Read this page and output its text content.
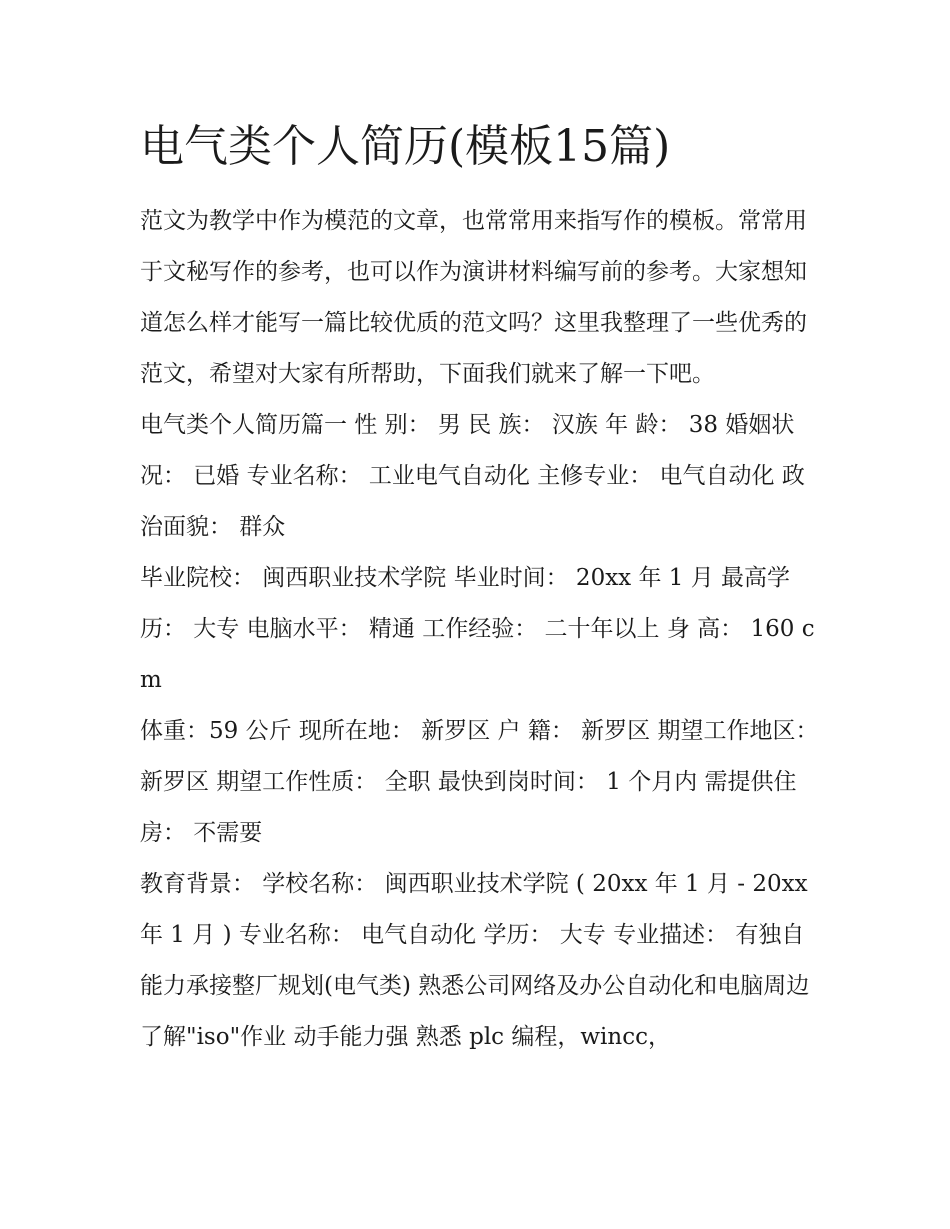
电气类个人简历(模板15篇)

范文为教学中作为模范的文章，也常常用来指写作的模板。常常用于文秘写作的参考，也可以作为演讲材料编写前的参考。大家想知道怎么样才能写一篇比较优质的范文吗？这里我整理了一些优秀的范文，希望对大家有所帮助，下面我们就来了解一下吧。

电气类个人简历篇一 性 别： 男 民 族： 汉族 年 龄： 38 婚姻状况： 已婚 专业名称： 工业电气自动化 主修专业： 电气自动化 政治面貌： 群众

毕业院校： 闽西职业技术学院 毕业时间： 20xx 年 1 月 最高学历： 大专 电脑水平： 精通 工作经验： 二十年以上 身 高： 160 cm

体重：59 公斤 现所在地： 新罗区 户 籍： 新罗区 期望工作地区： 新罗区 期望工作性质： 全职 最快到岗时间： 1 个月内 需提供住房： 不需要

教育背景： 学校名称： 闽西职业技术学院 ( 20xx 年 1 月 - 20xx 年 1 月 ) 专业名称： 电气自动化 学历： 大专 专业描述： 有独自能力承接整厂规划(电气类) 熟悉公司网络及办公自动化和电脑周边 了解"iso"作业 动手能力强 熟悉 plc 编程，wincc，
